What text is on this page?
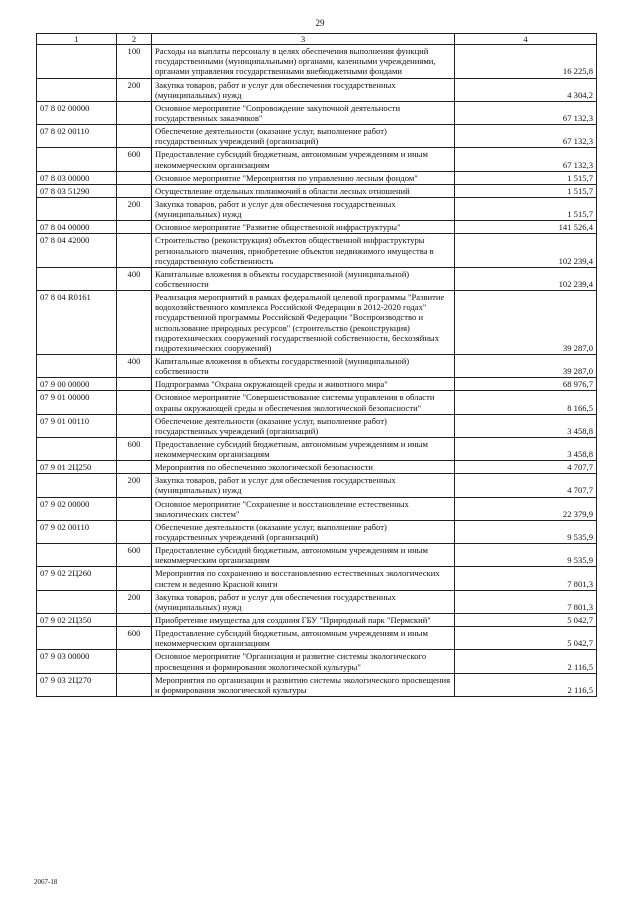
29
1	2	3	4
	100	Расходы на выплаты персоналу в целях обеспечения выполнения функций государственными (муниципальными) органами, казенными учреждениями, органами управления государственными внебюджетными фондами	16 225,8
	200	Закупка товаров, работ и услуг для обеспечения государственных (муниципальных) нужд	4 304,2
07 8 02 00000		Основное мероприятие "Сопровождение закупочной деятельности государственных заказчиков"	67 132,3
07 8 02 00110		Обеспечение деятельности (оказание услуг, выполнение работ) государственных учреждений (организаций)	67 132,3
	600	Предоставление субсидий бюджетным, автономным учреждениям и иным некоммерческим организациям	67 132,3
07 8 03 00000		Основное мероприятие "Мероприятия по управлению лесным фондом"	1 515,7
07 8 03 51290		Осуществление отдельных полномочий в области лесных отношений	1 515,7
	200	Закупка товаров, работ и услуг для обеспечения государственных (муниципальных) нужд	1 515,7
07 8 04 00000		Основное мероприятие "Развитие общественной инфраструктуры"	141 526,4
07 8 04 42000		Строительство (реконструкция) объектов общественной инфраструктуры регионального значения, приобретение объектов недвижимого имущества в государственную собственность	102 239,4
	400	Капитальные вложения в объекты государственной (муниципальной) собственности	102 239,4
07 8 04 R0161		Реализация мероприятий в рамках федеральной целевой программы "Развитие водохозяйственного комплекса Российской Федерации в 2012-2020 годах" государственной программы Российской Федерации "Воспроизводство и использование природных ресурсов" (строительство (реконструкция) гидротехнических сооружений государственной собственности, бесхозяйных гидротехнических сооружений)	39 287,0
	400	Капитальные вложения в объекты государственной (муниципальной) собственности	39 287,0
07 9 00 00000		Подпрограмма "Охрана окружающей среды и животного мира"	68 976,7
07 9 01 00000		Основное мероприятие "Совершенствование системы управления в области охраны окружающей среды и обеспечения экологической безопасности"	8 166,5
07 9 01 00110		Обеспечение деятельности (оказание услуг, выполнение работ) государственных учреждений (организаций)	3 458,8
	600	Предоставление субсидий бюджетным, автономным учреждениям и иным некоммерческим организациям	3 458,8
07 9 01 2Ц250		Мероприятия по обеспечению экологической безопасности	4 707,7
	200	Закупка товаров, работ и услуг для обеспечения государственных (муниципальных) нужд	4 707,7
07 9 02 00000		Основное мероприятие "Сохранение и восстановление естественных экологических систем"	22 379,9
07 9 02 00110		Обеспечение деятельности (оказание услуг, выполнение работ) государственных учреждений (организаций)	9 535,9
	600	Предоставление субсидий бюджетным, автономным учреждениям и иным некоммерческим организациям	9 535,9
07 9 02 2Ц260		Мероприятия по сохранению и восстановлению естественных экологических систем и ведению Красной книги	7 801,3
	200	Закупка товаров, работ и услуг для обеспечения государственных (муниципальных) нужд	7 801,3
07 9 02 2Ц350		Приобретение имущества для создания ГБУ "Природный парк "Пермский"	5 042,7
	600	Предоставление субсидий бюджетным, автономным учреждениям и иным некоммерческим организациям	5 042,7
07 9 03 00000		Основное мероприятие "Организация и развитие системы экологического просвещения и формирования экологической культуры"	2 116,5
07 9 03 2Ц270		Мероприятия по организации и развитию системы экологического просвещения и формирования экологической культуры	2 116,5
2067-18
